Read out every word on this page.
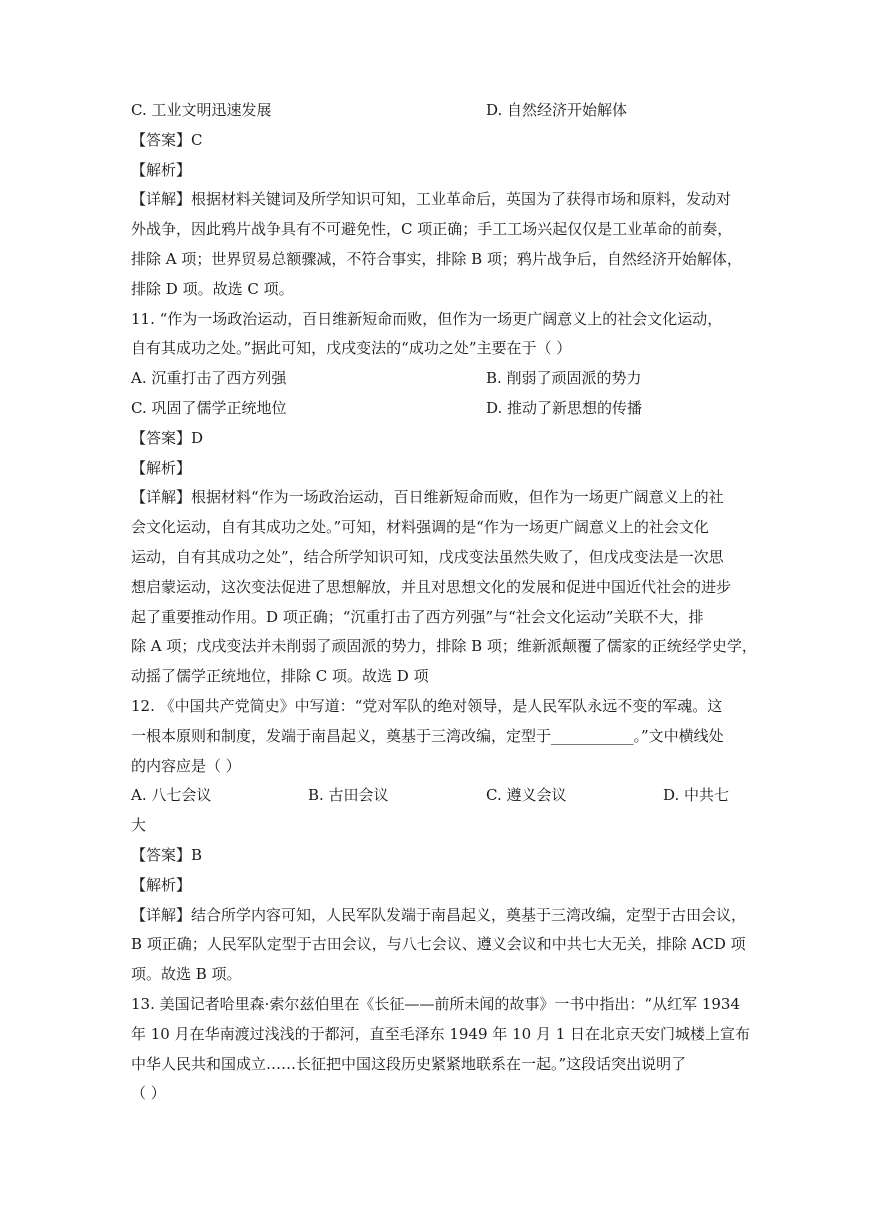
C. 工业文明迅速发展	D. 自然经济开始解体
【答案】C
【解析】
【详解】根据材料关键词及所学知识可知，工业革命后，英国为了获得市场和原料，发动对
外战争，因此鸦片战争具有不可避免性，C 项正确；手工工场兴起仅仅是工业革命的前奏，
排除 A 项；世界贸易总额骤减，不符合事实，排除 B 项；鸦片战争后，自然经济开始解体，
排除 D 项。故选 C 项。
11. “作为一场政治运动，百日维新短命而败，但作为一场更广阔意义上的社会文化运动，
自有其成功之处。”据此可知，戊戌变法的“成功之处”主要在于（ ）
A. 沉重打击了西方列强	B. 削弱了顽固派的势力
C. 巩固了儒学正统地位	D. 推动了新思想的传播
【答案】D
【解析】
【详解】根据材料“作为一场政治运动，百日维新短命而败，但作为一场更广阔意义上的社
会文化运动，自有其成功之处。”可知，材料强调的是“作为一场更广阔意义上的社会文化
运动，自有其成功之处”，结合所学知识可知，戊戌变法虽然失败了，但戊戌变法是一次思
想启蒙运动，这次变法促进了思想解放，并且对思想文化的发展和促进中国近代社会的进步
起了重要推动作用。D 项正确；“沉重打击了西方列强”与“社会文化运动”关联不大，排
除 A 项；戊戌变法并未削弱了顽固派的势力，排除 B 项；维新派颠覆了儒家的正统经学史学，
动摇了儒学正统地位，排除 C 项。故选 D 项
12. 《中国共产党简史》中写道：“党对军队的绝对领导，是人民军队永远不变的军魂。这
一根本原则和制度，发端于南昌起义，奠基于三湾改编，定型于___________。”文中横线处
的内容应是（ ）
A. 八七会议	B. 古田会议	C. 遵义会议	D. 中共七
大
【答案】B
【解析】
【详解】结合所学内容可知，人民军队发端于南昌起义，奠基于三湾改编，定型于古田会议，
B 项正确；人民军队定型于古田会议，与八七会议、遵义会议和中共七大无关，排除 ACD 项
项。故选 B 项。
13. 美国记者哈里森·索尔兹伯里在《长征——前所未闻的故事》一书中指出：“从红军 1934
年 10 月在华南渡过浅浅的于都河，直至毛泽东 1949 年 10 月 1 日在北京天安门城楼上宣布
中华人民共和国成立……长征把中国这段历史紧紧地联系在一起。”这段话突出说明了
（ ）
